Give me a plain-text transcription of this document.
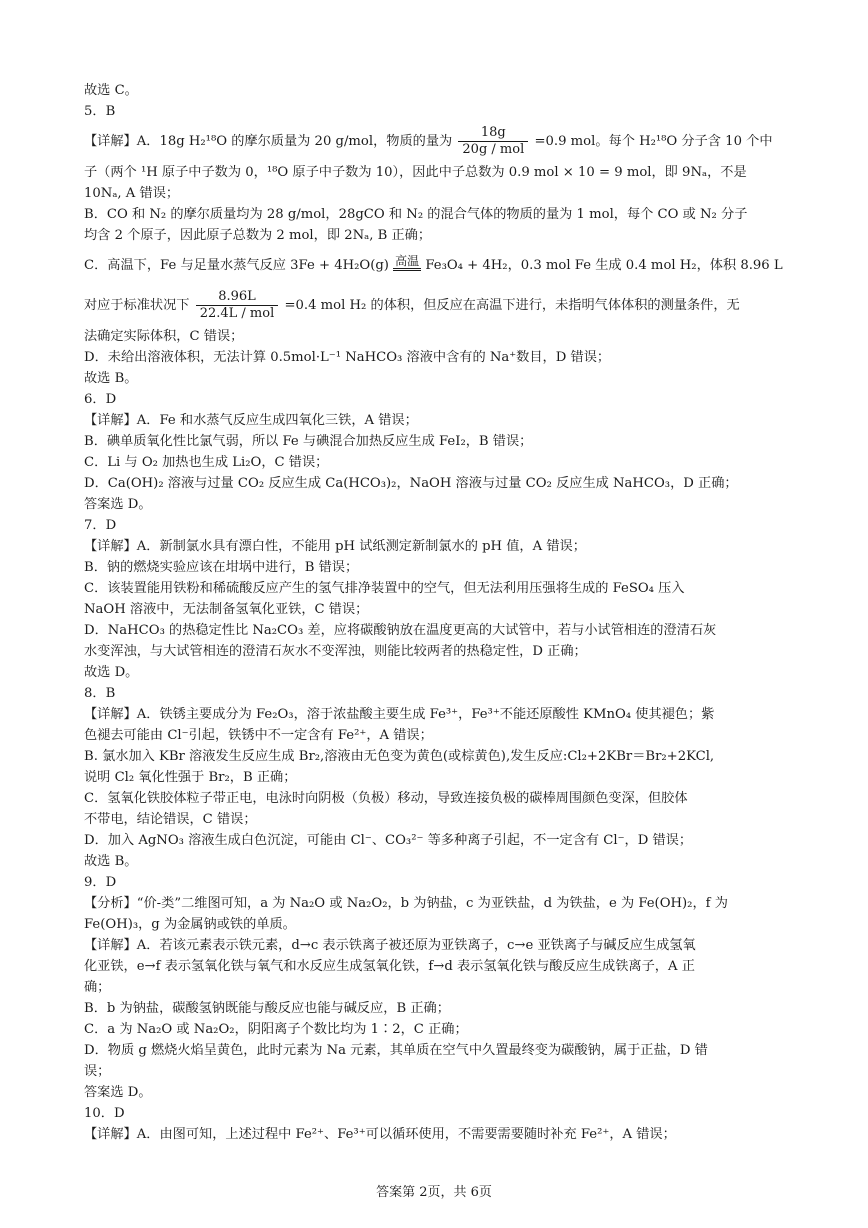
故选 C。
5．B
【详解】A．18g H₂¹⁸O 的摩尔质量为 20 g/mol，物质的量为 $\frac{18g}{\text{20g / mol}} =0.9$ mol。每个 H₂¹⁸O 分子含 10 个中
子（两个 ¹H 原子中子数为 0，¹⁸O 原子中子数为 10），因此中子总数为 0.9 mol × 10 = 9 mol，即 9Nₐ，不是
10Nₐ, A 错误；
B．CO 和 N₂ 的摩尔质量均为 28 g/mol，28gCO 和 N₂ 的混合气体的物质的量为 1 mol，每个 CO 或 N₂ 分子
均含 2 个原子，因此原子总数为 2 mol，即 2Nₐ, B 正确；
C．高温下，Fe 与足量水蒸气反应 3Fe + 4H₂O(g) 高温 Fe₃O₄ + 4H₂，0.3 mol Fe 生成 0.4 mol H₂，体积 8.96 L
对应于标准状况下 $\frac{8.96L}{\text{22.4L / mol}} =0.4$ mol H₂ 的体积，但反应在高温下进行，未指明气体体积的测量条件，无
法确定实际体积，C 错误；
D．未给出溶液体积，无法计算 0.5mol·L⁻¹ NaHCO₃ 溶液中含有的 Na⁺数目，D 错误；
故选 B。
6．D
【详解】A．Fe 和水蒸气反应生成四氧化三铁，A 错误；
B．碘单质氧化性比氯气弱，所以 Fe 与碘混合加热反应生成 FeI₂，B 错误；
C．Li 与 O₂ 加热也生成 Li₂O，C 错误；
D．Ca(OH)₂ 溶液与过量 CO₂ 反应生成 Ca(HCO₃)₂，NaOH 溶液与过量 CO₂ 反应生成 NaHCO₃，D 正确；
答案选 D。
7．D
【详解】A．新制氯水具有漂白性，不能用 pH 试纸测定新制氯水的 pH 值，A 错误；
B．钠的燃烧实验应该在坩埚中进行，B 错误；
C．该装置能用铁粉和稀硫酸反应产生的氢气排净装置中的空气，但无法利用压强将生成的 FeSO₄ 压入
NaOH 溶液中，无法制备氢氧化亚铁，C 错误；
D．NaHCO₃ 的热稳定性比 Na₂CO₃ 差，应将碳酸钠放在温度更高的大试管中，若与小试管相连的澄清石灰
水变浑浊，与大试管相连的澄清石灰水不变浑浊，则能比较两者的热稳定性，D 正确；
故选 D。
8．B
【详解】A．铁锈主要成分为 Fe₂O₃，溶于浓盐酸主要生成 Fe³⁺，Fe³⁺不能还原酸性 KMnO₄ 使其褪色；紫
色褪去可能由 Cl⁻引起，铁锈中不一定含有 Fe²⁺，A 错误；
B. 氯水加入 KBr 溶液发生反应生成 Br₂,溶液由无色变为黄色(或棕黄色),发生反应:Cl₂+2KBr＝Br₂+2KCl,
说明 Cl₂ 氧化性强于 Br₂，B 正确；
C．氢氧化铁胶体粒子带正电，电泳时向阴极（负极）移动，导致连接负极的碳棒周围颜色变深，但胶体
不带电，结论错误，C 错误；
D．加入 AgNO₃ 溶液生成白色沉淀，可能由 Cl⁻、CO₃²⁻ 等多种离子引起，不一定含有 Cl⁻，D 错误；
故选 B。
9．D
【分析】“价-类”二维图可知，a 为 Na₂O 或 Na₂O₂，b 为钠盐，c 为亚铁盐，d 为铁盐，e 为 Fe(OH)₂，f 为
Fe(OH)₃，g 为金属钠或铁的单质。
【详解】A．若该元素表示铁元素，d→c 表示铁离子被还原为亚铁离子，c→e 亚铁离子与碱反应生成氢氧
化亚铁，e→f 表示氢氧化铁与氧气和水反应生成氢氧化铁，f→d 表示氢氧化铁与酸反应生成铁离子，A 正
确；
B．b 为钠盐，碳酸氢钠既能与酸反应也能与碱反应，B 正确；
C．a 为 Na₂O 或 Na₂O₂，阴阳离子个数比均为 1∶2，C 正确；
D．物质 g 燃烧火焰呈黄色，此时元素为 Na 元素，其单质在空气中久置最终变为碳酸钠，属于正盐，D 错
误；
答案选 D。
10．D
【详解】A．由图可知，上述过程中 Fe²⁺、Fe³⁺可以循环使用，不需要需要随时补充 Fe²⁺，A 错误；
答案第 2页，共 6页
